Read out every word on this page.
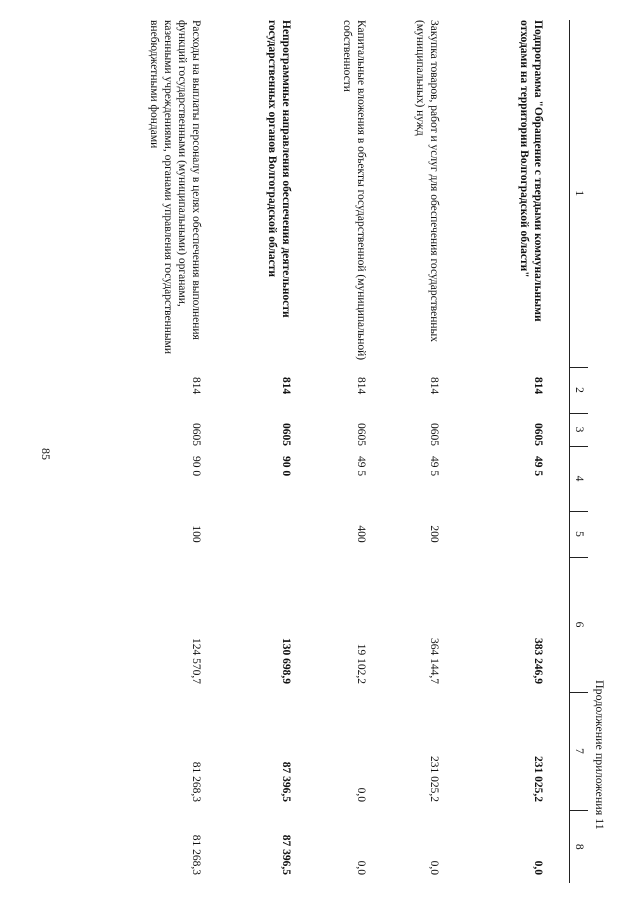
85
Продолжение приложения 11
1	2	3	4	5	6	7	8
Подпрограмма "Обращение с твердыми коммунальными отходами на территории Волгоградской области"	814	0605	49 5		383 246,9	231 025,2	0,0
Закупка товаров, работ и услуг для обеспечения государственных (муниципальных) нужд	814	0605	49 5	200	364 144,7	231 025,2	0,0
Капитальные вложения в объекты государственной (муниципальной) собственности	814	0605	49 5	400	19 102,2	0,0	0,0
Непрограммные направления обеспечения деятельности государственных органов Волгоградской области	814	0605	90 0		130 698,9	87 396,5	87 396,5
Расходы на выплаты персоналу в целях обеспечения выполнения функций государственными (муниципальными) органами, казенными учреждениями, органами управления государственными внебюджетными фондами	814	0605	90 0	100	124 570,7	81 268,3	81 268,3
